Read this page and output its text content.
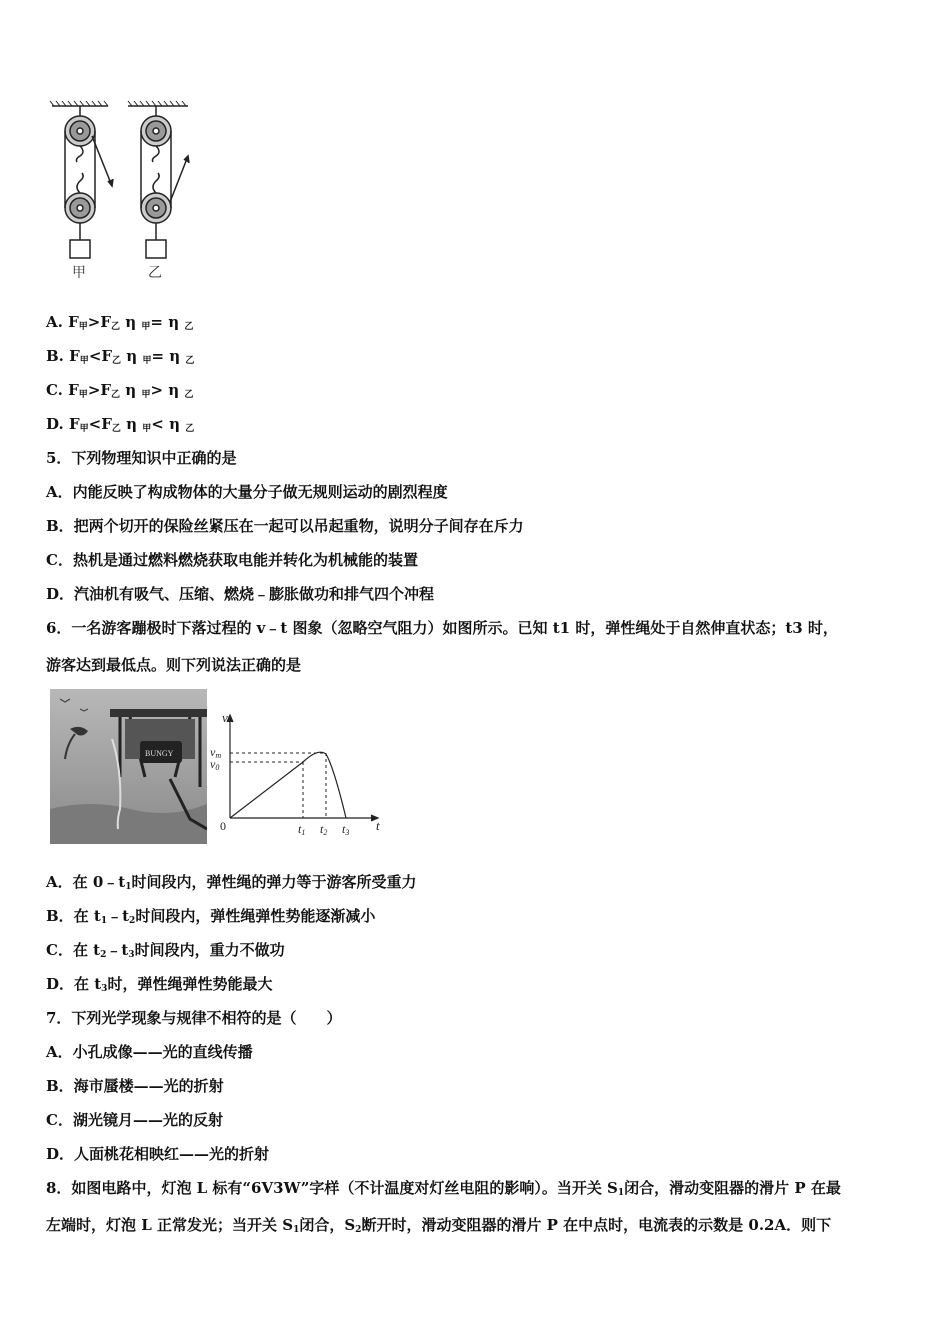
甲	乙
A. $F_甲>F_乙$ η $_甲$= η $_乙$
B. $F_甲<F_乙$ η $_甲$= η $_乙$
C. $F_甲>F_乙$ η $_甲$> η $_乙$
D. $F_甲<F_乙$ η $_甲$< η $_乙$
5．下列物理知识中正确的是
A．内能反映了构成物体的大量分子做无规则运动的剧烈程度
B．把两个切开的保险丝紧压在一起可以吊起重物，说明分子间存在斥力
C．热机是通过燃料燃烧获取电能并转化为机械能的装置
D．汽油机有吸气、压缩、燃烧﹣膨胀做功和排气四个冲程
6．一名游客蹦极时下落过程的 v﹣t 图象（忽略空气阻力）如图所示。已知 t1 时，弹性绳处于自然伸直状态；t3 时，
游客达到最低点。则下列说法正确的是
BUNGY
v
t
0
vm
v0
t1 t2 t3
A．在 $0﹣t_1$时间段内，弹性绳的弹力等于游客所受重力
B．在 $t_1﹣t_2$时间段内，弹性绳弹性势能逐渐减小
C．在 $t_2﹣t_3$时间段内，重力不做功
D．在 $t_3$时，弹性绳弹性势能最大
7．下列光学现象与规律不相符的是（　　）
A．小孔成像——光的直线传播
B．海市蜃楼——光的折射
C．湖光镜月——光的反射
D．人面桃花相映红——光的折射
8．如图电路中，灯泡 L 标有“6V3W”字样（不计温度对灯丝电阻的影响）。当开关 $S_1$闭合，滑动变阻器的滑片 P 在最
左端时，灯泡 L 正常发光；当开关 $S_1$闭合，$S_2$断开时，滑动变阻器的滑片 P 在中点时，电流表的示数是 0.2A．则下
